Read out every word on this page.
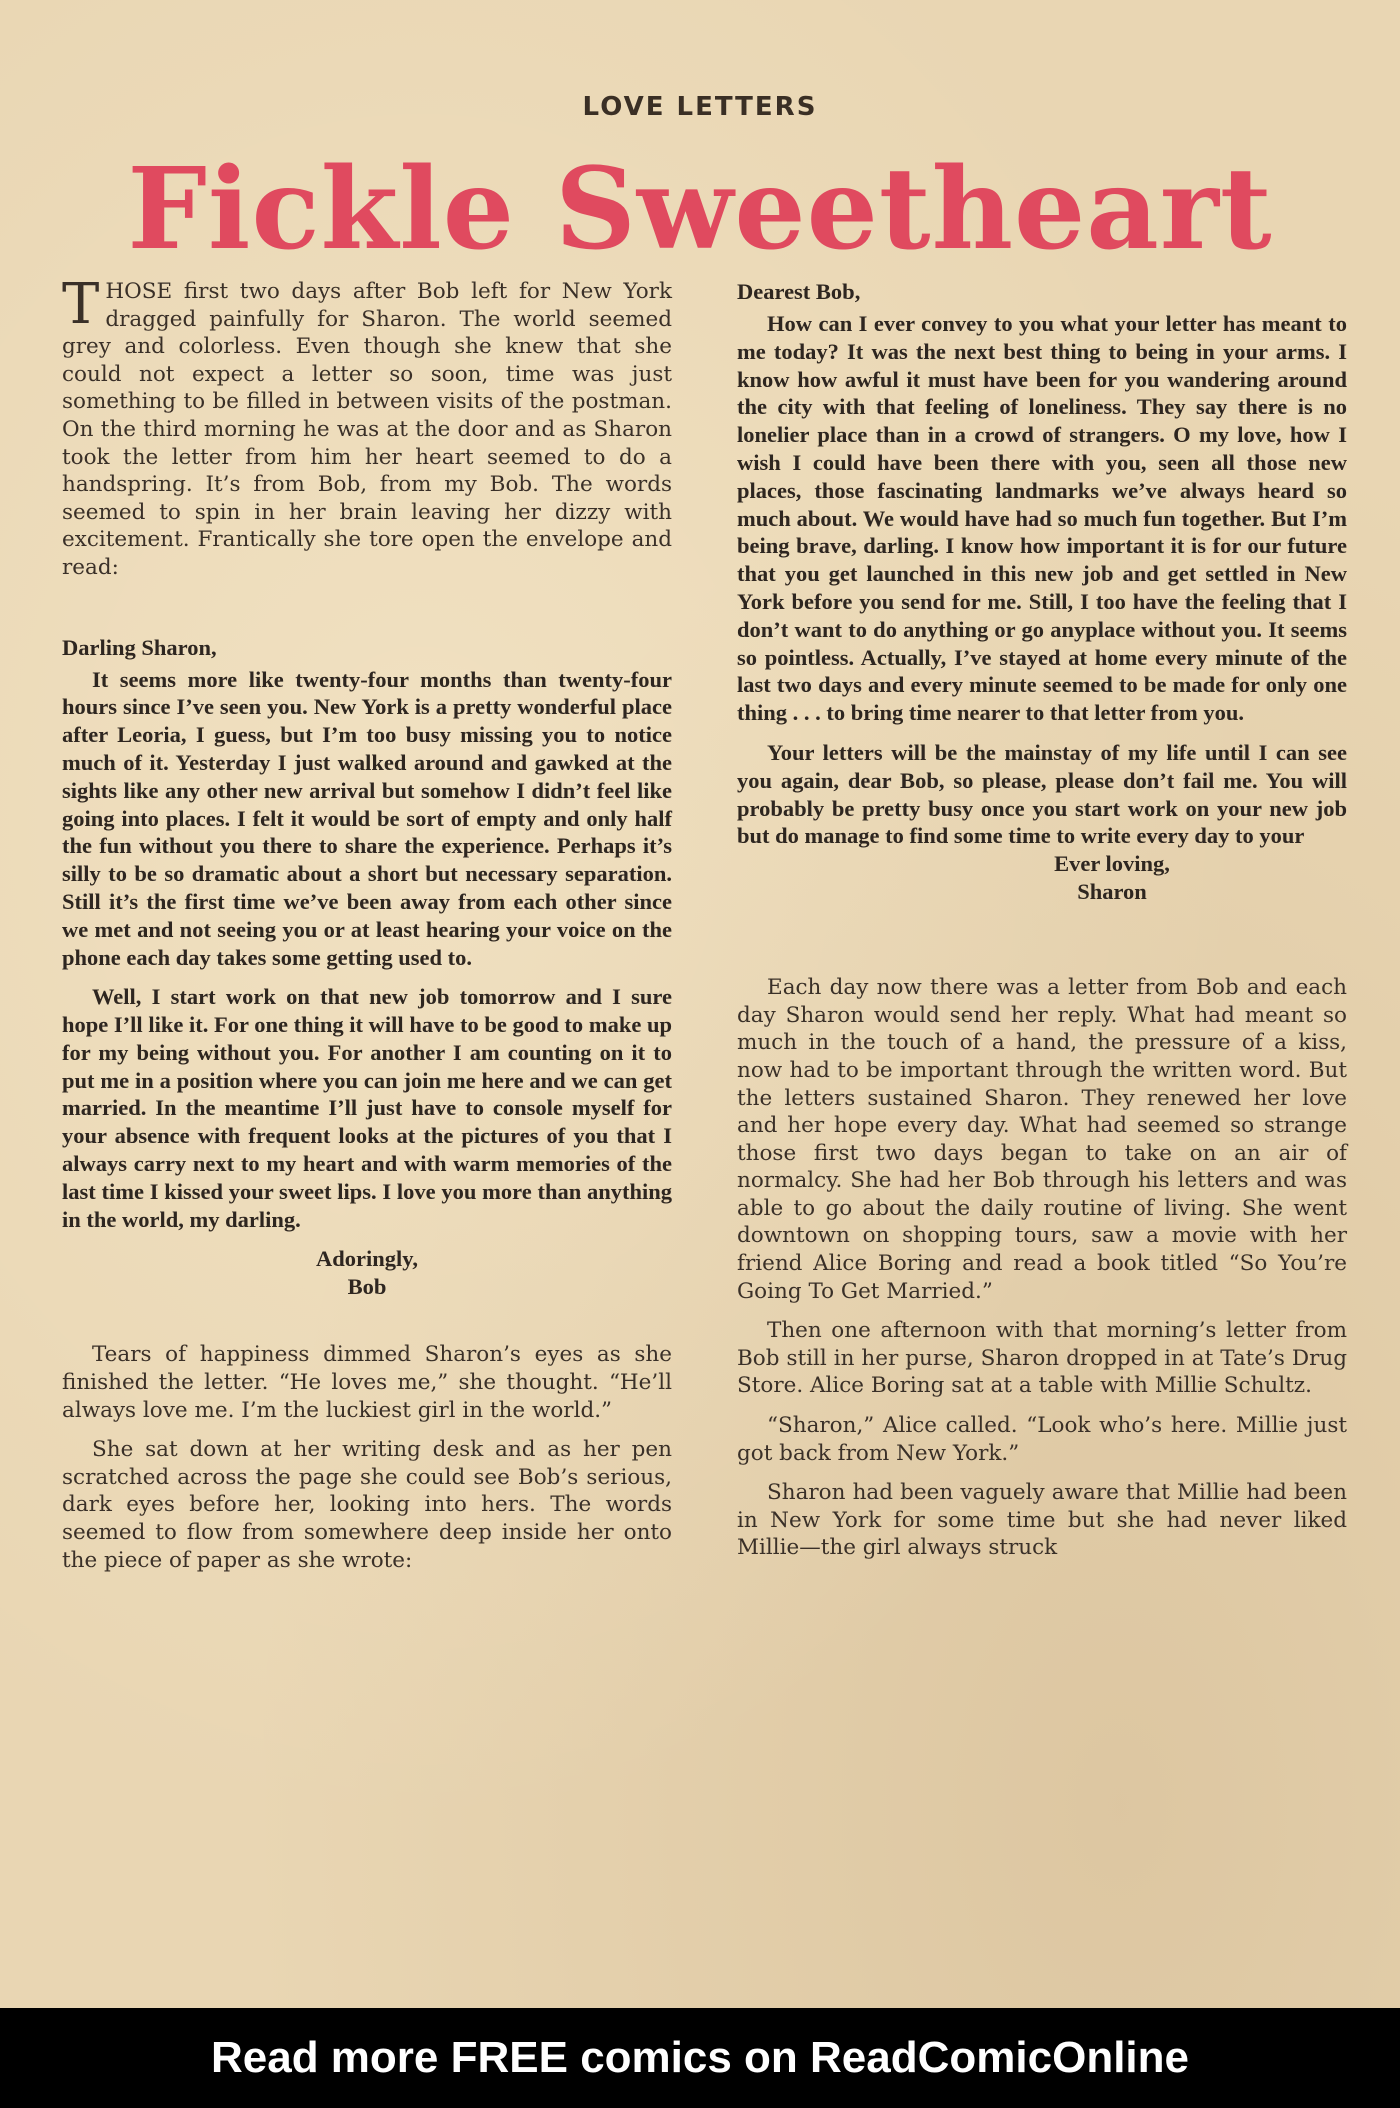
LOVE LETTERS
Fickle Sweetheart

THOSE first two days after Bob left for New York dragged painfully for Sharon. The world seemed grey and colorless. Even though she knew that she could not expect a letter so soon, time was just something to be filled in between visits of the postman. On the third morning he was at the door and as Sharon took the letter from him her heart seemed to do a handspring. It’s from Bob, from my Bob. The words seemed to spin in her brain leaving her dizzy with excitement. Frantically she tore open the envelope and read:

Darling Sharon,

It seems more like twenty-four months than twenty-four hours since I’ve seen you. New York is a pretty wonderful place after Leoria, I guess, but I’m too busy missing you to notice much of it. Yesterday I just walked around and gawked at the sights like any other new arrival but somehow I didn’t feel like going into places. I felt it would be sort of empty and only half the fun without you there to share the experience. Perhaps it’s silly to be so dramatic about a short but necessary separation. Still it’s the first time we’ve been away from each other since we met and not seeing you or at least hearing your voice on the phone each day takes some getting used to.

Well, I start work on that new job tomorrow and I sure hope I’ll like it. For one thing it will have to be good to make up for my being without you. For another I am counting on it to put me in a position where you can join me here and we can get married. In the meantime I’ll just have to console myself for your absence with frequent looks at the pictures of you that I always carry next to my heart and with warm memories of the last time I kissed your sweet lips. I love you more than anything in the world, my darling.

Adoringly,

Bob

Tears of happiness dimmed Sharon’s eyes as she finished the letter. “He loves me,” she thought. “He’ll always love me. I’m the luckiest girl in the world.”

She sat down at her writing desk and as her pen scratched across the page she could see Bob’s serious, dark eyes before her, looking into hers. The words seemed to flow from somewhere deep inside her onto the piece of paper as she wrote:

Dearest Bob,

How can I ever convey to you what your letter has meant to me today? It was the next best thing to being in your arms. I know how awful it must have been for you wandering around the city with that feeling of loneliness. They say there is no lonelier place than in a crowd of strangers. O my love, how I wish I could have been there with you, seen all those new places, those fascinating landmarks we’ve always heard so much about. We would have had so much fun together. But I’m being brave, darling. I know how important it is for our future that you get launched in this new job and get settled in New York before you send for me. Still, I too have the feeling that I don’t want to do anything or go anyplace without you. It seems so pointless. Actually, I’ve stayed at home every minute of the last two days and every minute seemed to be made for only one thing . . . to bring time nearer to that letter from you.

Your letters will be the mainstay of my life until I can see you again, dear Bob, so please, please don’t fail me. You will probably be pretty busy once you start work on your new job but do manage to find some time to write every day to your

Ever loving,

Sharon

Each day now there was a letter from Bob and each day Sharon would send her reply. What had meant so much in the touch of a hand, the pressure of a kiss, now had to be important through the written word. But the letters sustained Sharon. They renewed her love and her hope every day. What had seemed so strange those first two days began to take on an air of normalcy. She had her Bob through his letters and was able to go about the daily routine of living. She went downtown on shopping tours, saw a movie with her friend Alice Boring and read a book titled “So You’re Going To Get Married.”

Then one afternoon with that morning’s letter from Bob still in her purse, Sharon dropped in at Tate’s Drug Store. Alice Boring sat at a table with Millie Schultz.

“Sharon,” Alice called. “Look who’s here. Millie just got back from New York.”

Sharon had been vaguely aware that Millie had been in New York for some time but she had never liked Millie—the girl always struck

Read more FREE comics on ReadComicOnline
